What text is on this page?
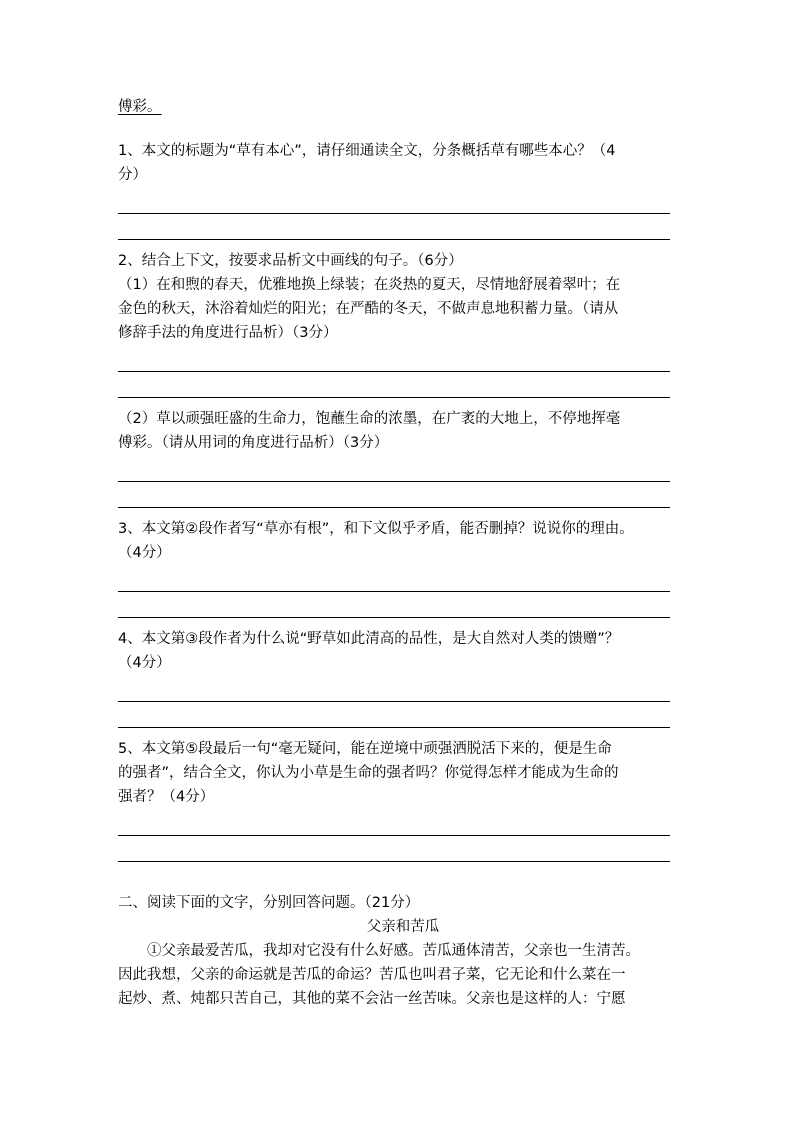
傅彩。

1、本文的标题为“草有本心”，请仔细通读全文，分条概括草有哪些本心？（4

分）

2、结合上下文，按要求品析文中画线的句子。（6分）

（1）在和煦的春天，优雅地换上绿装；在炎热的夏天，尽情地舒展着翠叶；在

金色的秋天，沐浴着灿烂的阳光；在严酷的冬天，不做声息地积蓄力量。（请从

修辞手法的角度进行品析）（3分）

（2）草以顽强旺盛的生命力，饱蘸生命的浓墨，在广袤的大地上，不停地挥毫

傅彩。（请从用词的角度进行品析）（3分）

3、本文第②段作者写“草亦有根”，和下文似乎矛盾，能否删掉？说说你的理由。

（4分）

4、本文第③段作者为什么说“野草如此清高的品性，是大自然对人类的馈赠”？

（4分）

5、本文第⑤段最后一句“毫无疑问，能在逆境中顽强洒脱活下来的，便是生命

的强者”，结合全文，你认为小草是生命的强者吗？你觉得怎样才能成为生命的

强者？（4分）

二、阅读下面的文字，分别回答问题。（21分）

父亲和苦瓜

①父亲最爱苦瓜，我却对它没有什么好感。苦瓜通体清苦，父亲也一生清苦。

因此我想，父亲的命运就是苦瓜的命运？苦瓜也叫君子菜，它无论和什么菜在一

起炒、煮、炖都只苦自己，其他的菜不会沾一丝苦味。父亲也是这样的人：宁愿
